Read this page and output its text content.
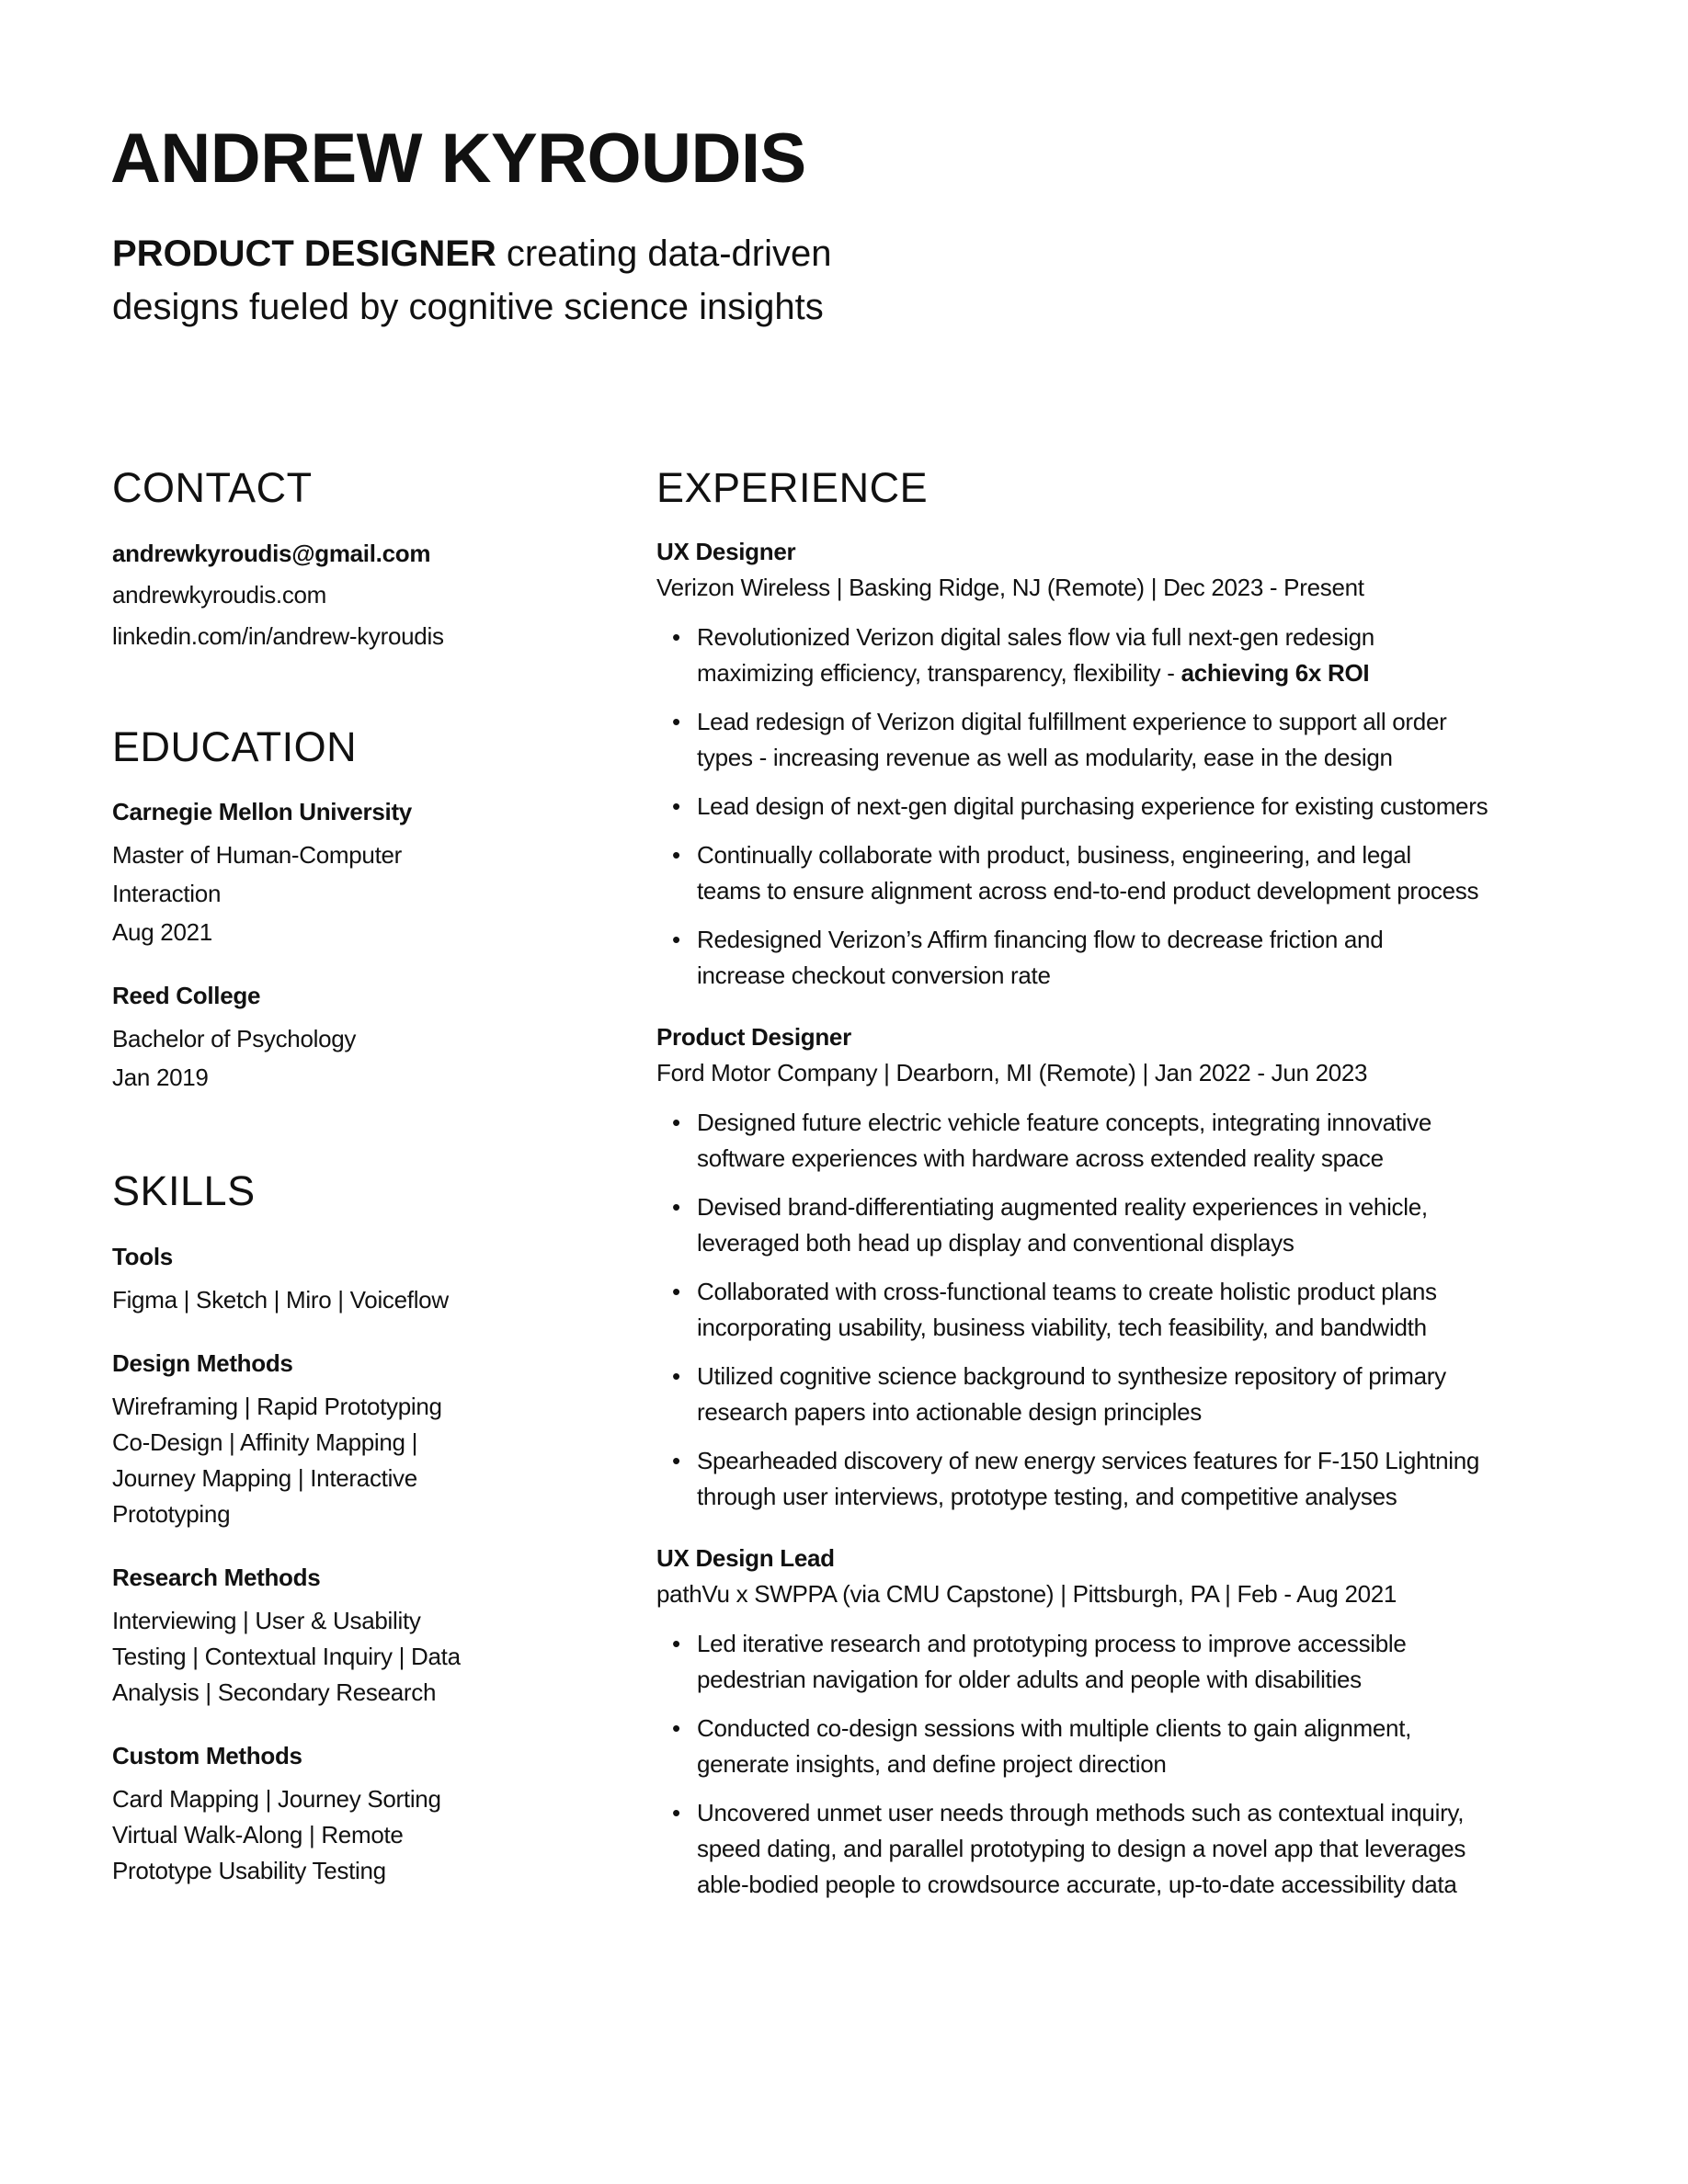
ANDREW KYROUDIS
PRODUCT DESIGNER creating data-driven
designs fueled by cognitive science insights
CONTACT
andrewkyroudis@gmail.com
andrewkyroudis.com
linkedin.com/in/andrew-kyroudis
EDUCATION
Carnegie Mellon University
Master of Human-Computer
Interaction
Aug 2021
Reed College
Bachelor of Psychology
Jan 2019
SKILLS
Tools
Figma | Sketch | Miro | Voiceflow
Design Methods
Wireframing | Rapid Prototyping
Co-Design | Affinity Mapping |
Journey Mapping | Interactive
Prototyping
Research Methods
Interviewing | User & Usability
Testing | Contextual Inquiry | Data
Analysis | Secondary Research
Custom Methods
Card Mapping | Journey Sorting
Virtual Walk-Along | Remote
Prototype Usability Testing
EXPERIENCE
UX Designer
Verizon Wireless | Basking Ridge, NJ (Remote) | Dec 2023 - Present
• Revolutionized Verizon digital sales flow via full next-gen redesign
maximizing efficiency, transparency, flexibility - achieving 6x ROI
• Lead redesign of Verizon digital fulfillment experience to support all order
types - increasing revenue as well as modularity, ease in the design
• Lead design of next-gen digital purchasing experience for existing customers
• Continually collaborate with product, business, engineering, and legal
teams to ensure alignment across end-to-end product development process
• Redesigned Verizon’s Affirm financing flow to decrease friction and
increase checkout conversion rate
Product Designer
Ford Motor Company | Dearborn, MI (Remote) | Jan 2022 - Jun 2023
• Designed future electric vehicle feature concepts, integrating innovative
software experiences with hardware across extended reality space
• Devised brand-differentiating augmented reality experiences in vehicle,
leveraged both head up display and conventional displays
• Collaborated with cross-functional teams to create holistic product plans
incorporating usability, business viability, tech feasibility, and bandwidth
• Utilized cognitive science background to synthesize repository of primary
research papers into actionable design principles
• Spearheaded discovery of new energy services features for F-150 Lightning
through user interviews, prototype testing, and competitive analyses
UX Design Lead
pathVu x SWPPA (via CMU Capstone) | Pittsburgh, PA | Feb - Aug 2021
• Led iterative research and prototyping process to improve accessible
pedestrian navigation for older adults and people with disabilities
• Conducted co-design sessions with multiple clients to gain alignment,
generate insights, and define project direction
• Uncovered unmet user needs through methods such as contextual inquiry,
speed dating, and parallel prototyping to design a novel app that leverages
able-bodied people to crowdsource accurate, up-to-date accessibility data
